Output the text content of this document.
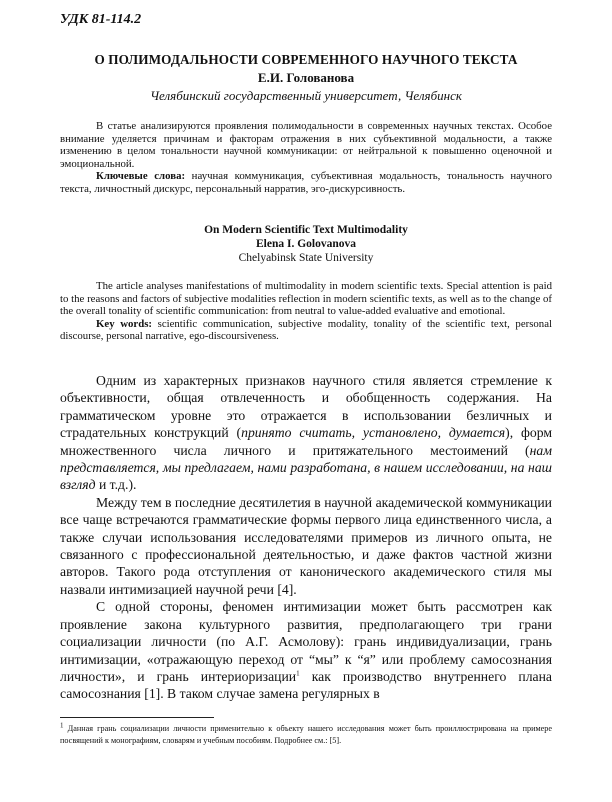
УДК 81-114.2
О ПОЛИМОДАЛЬНОСТИ СОВРЕМЕННОГО НАУЧНОГО ТЕКСТА
Е.И. Голованова
Челябинский государственный университет, Челябинск

В статье анализируются проявления полимодальности в современных научных текстах. Особое внимание уделяется причинам и факторам отражения в них субъективной модальности, а также изменению в целом тональности научной коммуникации: от нейтральной к повышенно оценочной и эмоциональной.

Ключевые слова: научная коммуникация, субъективная модальность, тональность научного текста, личностный дискурс, персональный нарратив, эго-дискурсивность.

On Modern Scientific Text Multimodality
Elena I. Golovanova
Chelyabinsk State University

The article analyses manifestations of multimodality in modern scientific texts. Special attention is paid to the reasons and factors of subjective modalities reflection in modern scientific texts, as well as to the change of the overall tonality of scientific communication: from neutral to value-added evaluative and emotional.

Key words: scientific communication, subjective modality, tonality of the scientific text, personal discourse, personal narrative, ego-discoursiveness.

Одним из характерных признаков научного стиля является стремление к объективности, общая отвлеченность и обобщенность содержания. На грамматическом уровне это отражается в использовании безличных и страдательных конструкций (принято считать, установлено, думается), форм множественного числа личного и притяжательного местоимений (нам представляется, мы предлагаем, нами разработана, в нашем исследовании, на наш взгляд и т.д.).

Между тем в последние десятилетия в научной академической коммуникации все чаще встречаются грамматические формы первого лица единственного числа, а также случаи использования исследователями примеров из личного опыта, не связанного с профессиональной деятельностью, и даже фактов частной жизни авторов. Такого рода отступления от канонического академического стиля мы назвали интимизацией научной речи [4].

С одной стороны, феномен интимизации может быть рассмотрен как проявление закона культурного развития, предполагающего три грани социализации личности (по А.Г. Асмолову): грань индивидуализации, грань интимизации, «отражающую переход от “мы” к “я” или проблему самосознания личности», и грань интериоризации$^1$ как производство внутреннего плана самосознания [1]. В таком случае замена регулярных в

$^1$ Данная грань социализации личности применительно к объекту нашего исследования может быть проиллюстрирована на примере посвящений к монографиям, словарям и учебным пособиям. Подробнее см.: [5].
